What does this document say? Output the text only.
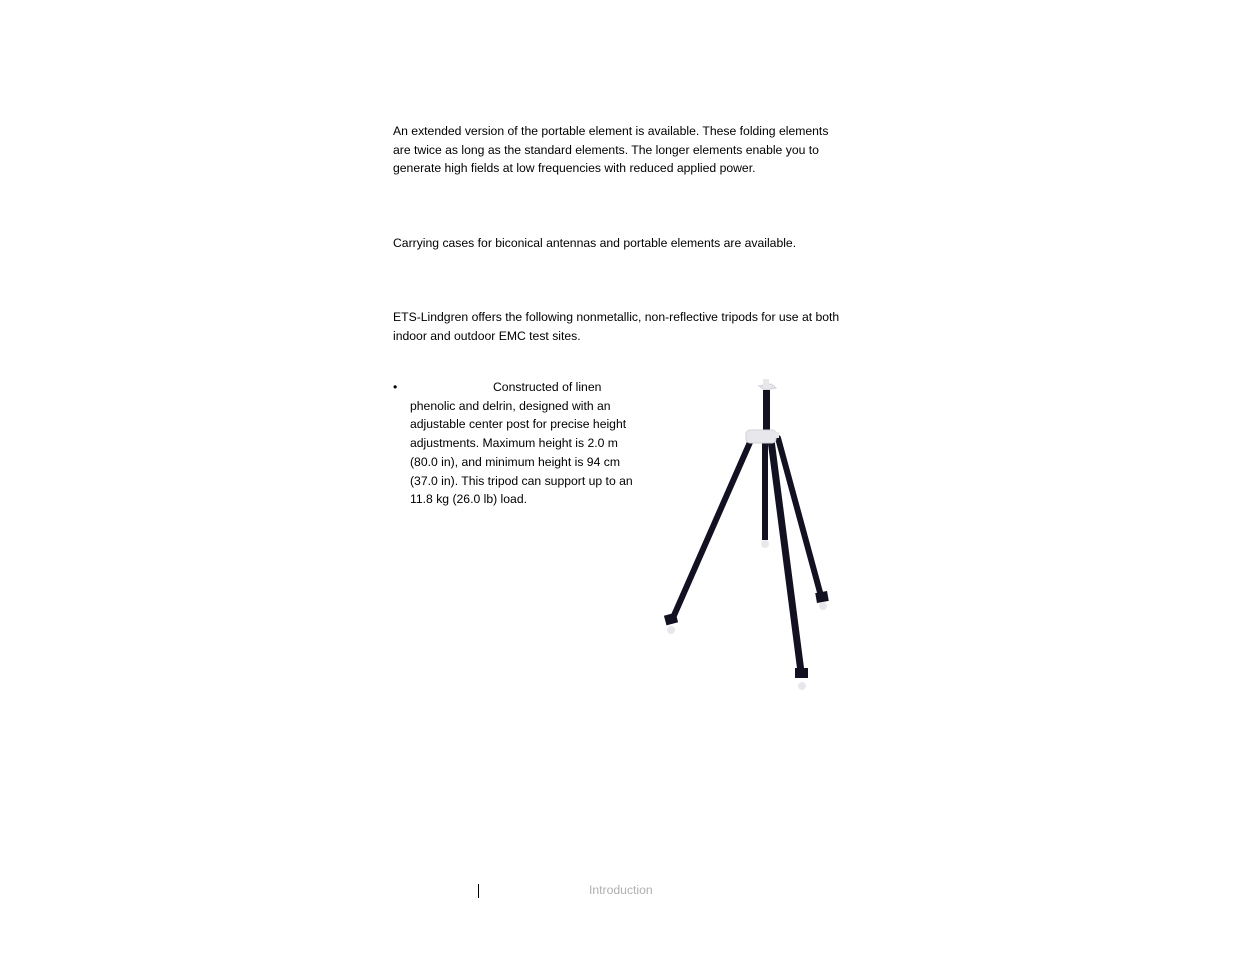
An extended version of the portable element is available. These folding elements are twice as long as the standard elements. The longer elements enable you to generate high fields at low frequencies with reduced applied power.

Carrying cases for biconical antennas and portable elements are available.

ETS-Lindgren offers the following nonmetallic, non-reflective tripods for use at both indoor and outdoor EMC test sites.

•	Constructed of linen phenolic and delrin, designed with an adjustable center post for precise height adjustments. Maximum height is 2.0 m (80.0 in), and minimum height is 94 cm (37.0 in). This tripod can support up to an 11.8 kg (26.0 lb) load.

Introduction
